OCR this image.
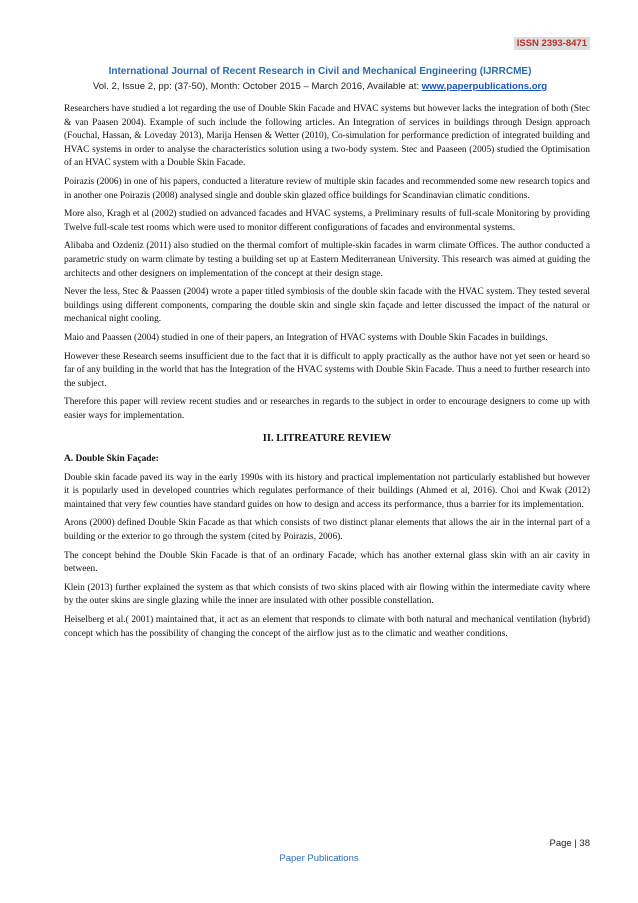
ISSN 2393-8471
International Journal of Recent Research in Civil and Mechanical Engineering (IJRRCME)
Vol. 2, Issue 2, pp: (37-50), Month: October 2015 – March 2016, Available at: www.paperpublications.org

Researchers have studied a lot regarding the use of Double Skin Facade and HVAC systems but however lacks the integration of both (Stec & van Paasen 2004). Example of such include the following articles. An Integration of services in buildings through Design approach (Fouchal, Hassan, & Loveday 2013), Marija Hensen & Wetter (2010), Co-simulation for performance prediction of integrated building and HVAC systems in order to analyse the characteristics solution using a two-body system. Stec and Paaseen (2005) studied the Optimisation of an HVAC system with a Double Skin Facade.

Poirazis (2006) in one of his papers, conducted a literature review of multiple skin facades and recommended some new research topics and in another one Poirazis (2008) analysed single and double skin glazed office buildings for Scandinavian climatic conditions.

More also, Kragh et al (2002) studied on advanced facades and HVAC systems, a Preliminary results of full-scale Monitoring by providing Twelve full-scale test rooms which were used to monitor different configurations of facades and environmental systems.

Alibaba and Ozdeniz (2011) also studied on the thermal comfort of multiple-skin facades in warm climate Offices. The author conducted a parametric study on warm climate by testing a building set up at Eastern Mediterranean University. This research was aimed at guiding the architects and other designers on implementation of the concept at their design stage.

Never the less, Stec & Paassen (2004) wrote a paper titled symbiosis of the double skin facade with the HVAC system. They tested several buildings using different components, comparing the double skin and single skin façade and letter discussed the impact of the natural or mechanical night cooling.

Maio and Paassen (2004) studied in one of their papers, an Integration of HVAC systems with Double Skin Facades in buildings.

However these Research seems insufficient due to the fact that it is difficult to apply practically as the author have not yet seen or heard so far of any building in the world that has the Integration of the HVAC systems with Double Skin Facade. Thus a need to further research into the subject.

Therefore this paper will review recent studies and or researches in regards to the subject in order to encourage designers to come up with easier ways for implementation.

II. LITREATURE REVIEW
A. Double Skin Façade:

Double skin facade paved its way in the early 1990s with its history and practical implementation not particularly established but however it is popularly used in developed countries which regulates performance of their buildings (Ahmed et al, 2016). Choi and Kwak (2012) maintained that very few counties have standard guides on how to design and access its performance, thus a barrier for its implementation.

Arons (2000) defined Double Skin Facade as that which consists of two distinct planar elements that allows the air in the internal part of a building or the exterior to go through the system (cited by Poirazis, 2006).

The concept behind the Double Skin Facade is that of an ordinary Facade, which has another external glass skin with an air cavity in between.

Klein (2013) further explained the system as that which consists of two skins placed with air flowing within the intermediate cavity where by the outer skins are single glazing while the inner are insulated with other possible constellation.

Heiselberg et al.( 2001) maintained that, it act as an element that responds to climate with both natural and mechanical ventilation (hybrid) concept which has the possibility of changing the concept of the airflow just as to the climatic and weather conditions.

Page | 38
Paper Publications
